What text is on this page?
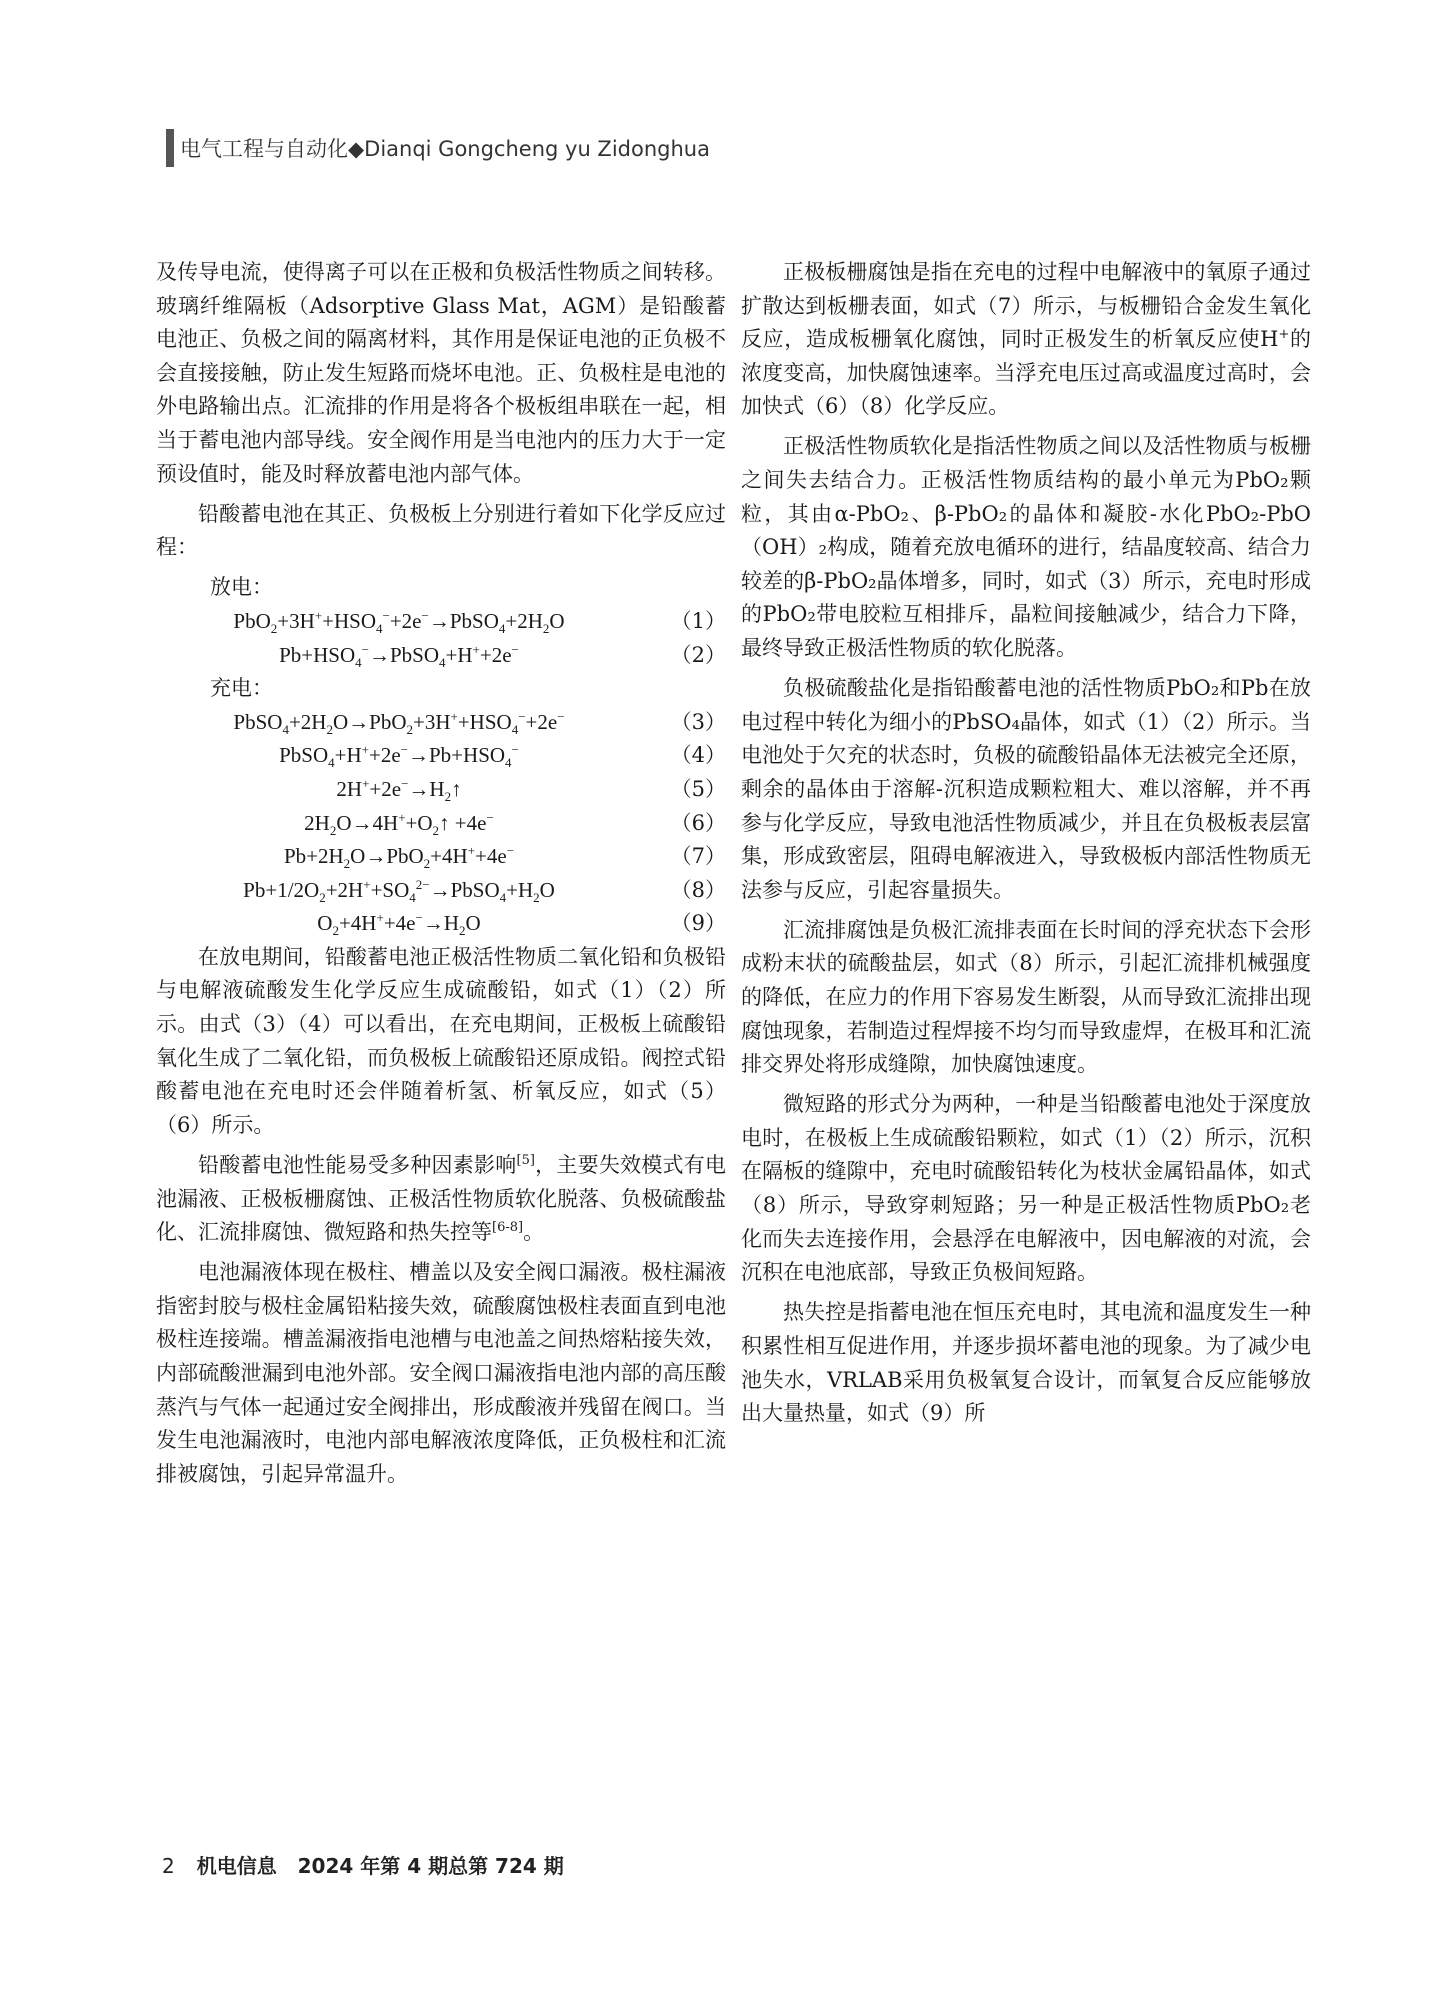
电气工程与自动化◆Dianqi Gongcheng yu Zidonghua

及传导电流，使得离子可以在正极和负极活性物质之间转移。玻璃纤维隔板（Adsorptive Glass Mat，AGM）是铅酸蓄电池正、负极之间的隔离材料，其作用是保证电池的正负极不会直接接触，防止发生短路而烧坏电池。正、负极柱是电池的外电路输出点。汇流排的作用是将各个极板组串联在一起，相当于蓄电池内部导线。安全阀作用是当电池内的压力大于一定预设值时，能及时释放蓄电池内部气体。

铅酸蓄电池在其正、负极板上分别进行着如下化学反应过程：

放电：
$PbO_2+3H^++HSO_4^-+2e^-\to PbSO_4+2H_2O$	（1）
$Pb+HSO_4^-\to PbSO_4+H^++2e^-$	（2）
充电：
$PbSO_4+2H_2O\to PbO_2+3H^++HSO_4^-+2e^-$	（3）
$PbSO_4+H^++2e^-\to Pb+HSO_4^-$	（4）
$2H^++2e^-\to H_2↑$	（5）
$2H_2O\to 4H^++O_2↑ +4e^-$	（6）
$Pb+2H_2O\to PbO_2+4H^++4e^-$	（7）
$Pb+1/2O_2+2H^++SO_4^{2-}\to PbSO_4+H_2O$	（8）
$O_2+4H^++4e^-\to H_2O$	（9）

在放电期间，铅酸蓄电池正极活性物质二氧化铅和负极铅与电解液硫酸发生化学反应生成硫酸铅，如式（1）（2）所示。由式（3）（4）可以看出，在充电期间，正极板上硫酸铅氧化生成了二氧化铅，而负极板上硫酸铅还原成铅。阀控式铅酸蓄电池在充电时还会伴随着析氢、析氧反应，如式（5）（6）所示。

铅酸蓄电池性能易受多种因素影响[5]，主要失效模式有电池漏液、正极板栅腐蚀、正极活性物质软化脱落、负极硫酸盐化、汇流排腐蚀、微短路和热失控等[6-8]。

电池漏液体现在极柱、槽盖以及安全阀口漏液。极柱漏液指密封胶与极柱金属铅粘接失效，硫酸腐蚀极柱表面直到电池极柱连接端。槽盖漏液指电池槽与电池盖之间热熔粘接失效，内部硫酸泄漏到电池外部。安全阀口漏液指电池内部的高压酸蒸汽与气体一起通过安全阀排出，形成酸液并残留在阀口。当发生电池漏液时，电池内部电解液浓度降低，正负极柱和汇流排被腐蚀，引起异常温升。

正极板栅腐蚀是指在充电的过程中电解液中的氧原子通过扩散达到板栅表面，如式（7）所示，与板栅铅合金发生氧化反应，造成板栅氧化腐蚀，同时正极发生的析氧反应使H+的浓度变高，加快腐蚀速率。当浮充电压过高或温度过高时，会加快式（6）（8）化学反应。

正极活性物质软化是指活性物质之间以及活性物质与板栅之间失去结合力。正极活性物质结构的最小单元为PbO₂颗粒，其由α-PbO₂、β-PbO₂的晶体和凝胶-水化PbO₂-PbO（OH）₂构成，随着充放电循环的进行，结晶度较高、结合力较差的β-PbO₂晶体增多，同时，如式（3）所示，充电时形成的PbO₂带电胶粒互相排斥，晶粒间接触减少，结合力下降，最终导致正极活性物质的软化脱落。

负极硫酸盐化是指铅酸蓄电池的活性物质PbO₂和Pb在放电过程中转化为细小的PbSO₄晶体，如式（1）（2）所示。当电池处于欠充的状态时，负极的硫酸铅晶体无法被完全还原，剩余的晶体由于溶解-沉积造成颗粒粗大、难以溶解，并不再参与化学反应，导致电池活性物质减少，并且在负极板表层富集，形成致密层，阻碍电解液进入，导致极板内部活性物质无法参与反应，引起容量损失。

汇流排腐蚀是负极汇流排表面在长时间的浮充状态下会形成粉末状的硫酸盐层，如式（8）所示，引起汇流排机械强度的降低，在应力的作用下容易发生断裂，从而导致汇流排出现腐蚀现象，若制造过程焊接不均匀而导致虚焊，在极耳和汇流排交界处将形成缝隙，加快腐蚀速度。

微短路的形式分为两种，一种是当铅酸蓄电池处于深度放电时，在极板上生成硫酸铅颗粒，如式（1）（2）所示，沉积在隔板的缝隙中，充电时硫酸铅转化为枝状金属铅晶体，如式（8）所示，导致穿刺短路；另一种是正极活性物质PbO₂老化而失去连接作用，会悬浮在电解液中，因电解液的对流，会沉积在电池底部，导致正负极间短路。

热失控是指蓄电池在恒压充电时，其电流和温度发生一种积累性相互促进作用，并逐步损坏蓄电池的现象。为了减少电池失水，VRLAB采用负极氧复合设计，而氧复合反应能够放出大量热量，如式（9）所

2 机电信息   2024 年第 4 期总第 724 期
